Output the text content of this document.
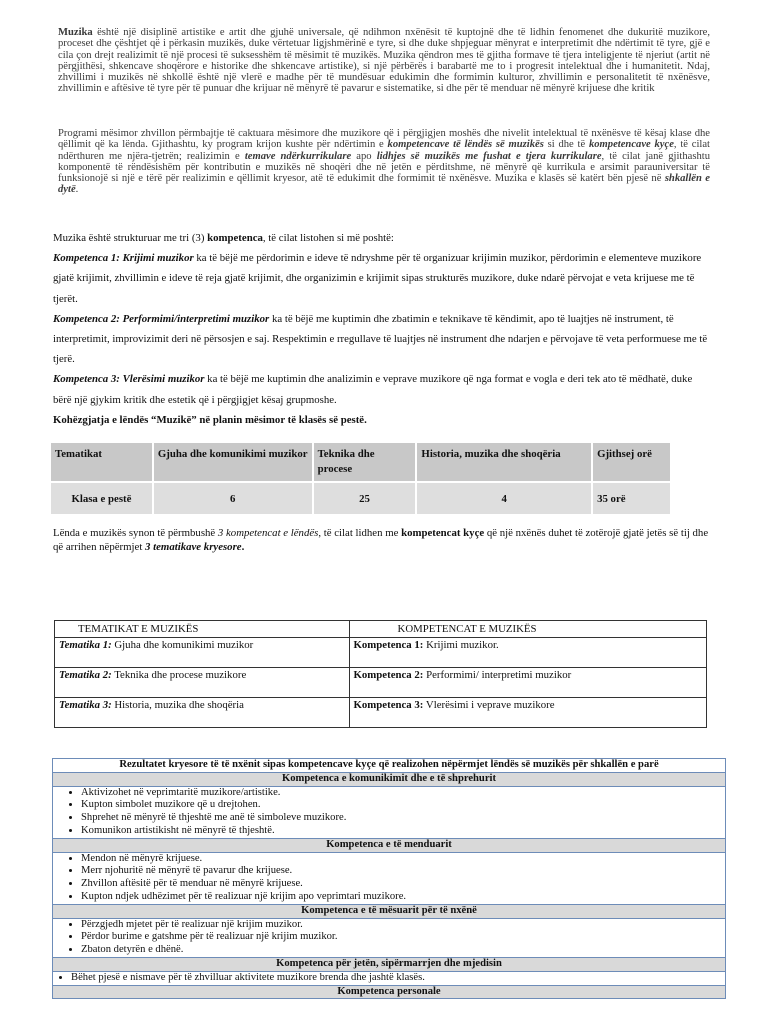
Muzika është një disiplinë artistike e artit dhe gjuhë universale, që ndihmon nxënësit të kuptojnë dhe të lidhin fenomenet dhe dukuritë muzikore, proceset dhe çështjet që i përkasin muzikës, duke vërtetuar ligjshmërinë e tyre, si dhe duke shpjeguar mënyrat e interpretimit dhe ndërtimit të tyre, gjë e cila çon drejt realizimit të një procesi të suksesshëm të mësimit të muzikës. Muzika qëndron mes të gjitha formave të tjera inteligjente të njeriut (artit në përgjithësi, shkencave shoqërore e historike dhe shkencave artistike), si një përbërës i barabartë me to i progresit intelektual dhe i humanitetit. Ndaj, zhvillimi i muzikës në shkollë është një vlerë e madhe për të mundësuar edukimin dhe formimin kulturor, zhvillimin e personalitetit të nxënësve, zhvillimin e aftësive të tyre për të punuar dhe krijuar në mënyrë të pavarur e sistematike, si dhe për të menduar në mënyrë krijuese dhe kritik

Programi mësimor zhvillon përmbajtje të caktuara mësimore dhe muzikore që i përgjigjen moshës dhe nivelit intelektual të nxënësve të kësaj klase dhe qëllimit që ka lënda. Gjithashtu, ky program krijon kushte për ndërtimin e kompetencave të lëndës së muzikës si dhe të kompetencave kyçe, të cilat ndërthuren me njëra-tjetrën; realizimin e temave ndërkurrikulare apo lidhjes së muzikës me fushat e tjera kurrikulare, të cilat janë gjithashtu komponentë të rëndësishëm për kontributin e muzikës në shoqëri dhe në jetën e përditshme, në mënyrë që kurrikula e arsimit parauniversitar të funksionojë si një e tërë për realizimin e qëllimit kryesor, atë të edukimit dhe formimit të nxënësve. Muzika e klasës së katërt bën pjesë në shkallën e dytë.

Muzika është strukturuar me tri (3) kompetenca, të cilat listohen si më poshtë:
Kompetenca 1: Krijimi muzikor ka të bëjë me përdorimin e ideve të ndryshme për të organizuar krijimin muzikor, përdorimin e elementeve muzikore gjatë krijimit, zhvillimin e ideve të reja gjatë krijimit, dhe organizimin e krijimit sipas strukturës muzikore, duke ndarë përvojat e veta krijuese me të tjerët.
Kompetenca 2: Performimi/interpretimi muzikor ka të bëjë me kuptimin dhe zbatimin e teknikave të këndimit, apo të luajtjes në instrument, të interpretimit, improvizimit deri në përsosjen e saj. Respektimin e rregullave të luajtjes në instrument dhe ndarjen e përvojave të veta performuese me të tjerë.
Kompetenca 3: Vlerësimi muzikor ka të bëjë me kuptimin dhe analizimin e veprave muzikore që nga format e vogla e deri tek ato të mëdhatë, duke bërë një gjykim kritik dhe estetik që i përgjigjet kësaj grupmoshe.
Kohëzgjatja e lëndës “Muzikë” në planin mësimor të klasës së pestë.
Tematikat	Gjuha dhe komunikimi muzikor	Teknika dhe procese	Historia, muzika dhe shoqëria	Gjithsej orë
Klasa e pestë	6	25	4	35 orë

Lënda e muzikës synon të përmbushë 3 kompetencat e lëndës, të cilat lidhen me kompetencat kyçe që një nxënës duhet të zotërojë gjatë jetës së tij dhe që arrihen nëpërmjet 3 tematikave kryesore.

TEMATIKAT E MUZIKËS	KOMPETENCAT E MUZIKËS
Tematika 1: Gjuha dhe komunikimi muzikor	Kompetenca 1: Krijimi muzikor.
Tematika 2: Teknika dhe procese muzikore	Kompetenca 2: Performimi/ interpretimi muzikor
Tematika 3: Historia, muzika dhe shoqëria	Kompetenca 3: Vlerësimi i veprave muzikore
Rezultatet kryesore të të nxënit sipas kompetencave kyçe që realizohen nëpërmjet lëndës së muzikës për shkallën e parë
Kompetenca e komunikimit dhe e të shprehurit

• Aktivizohet në veprimtaritë muzikore/artistike.
• Kupton simbolet muzikore që u drejtohen.
• Shprehet në mënyrë të thjeshtë me anë të simboleve muzikore.
• Komunikon artistikisht në mënyrë të thjeshtë.

Kompetenca e të menduarit

• Mendon në mënyrë krijuese.
• Merr njohuritë në mënyrë të pavarur dhe krijuese.
• Zhvillon aftësitë për të menduar në mënyrë krijuese.
• Kupton ndjek udhëzimet për të realizuar një krijim apo veprimtari muzikore.

Kompetenca e të mësuarit për të nxënë

• Përzgjedh mjetet për të realizuar një krijim muzikor.
• Përdor burime e gatshme për të realizuar një krijim muzikor.
• Zbaton detyrën e dhënë.

Kompetenca për jetën, sipërmarrjen dhe mjedisin

• Bëhet pjesë e nismave për të zhvilluar aktivitete muzikore brenda dhe jashtë klasës.

Kompetenca personale
